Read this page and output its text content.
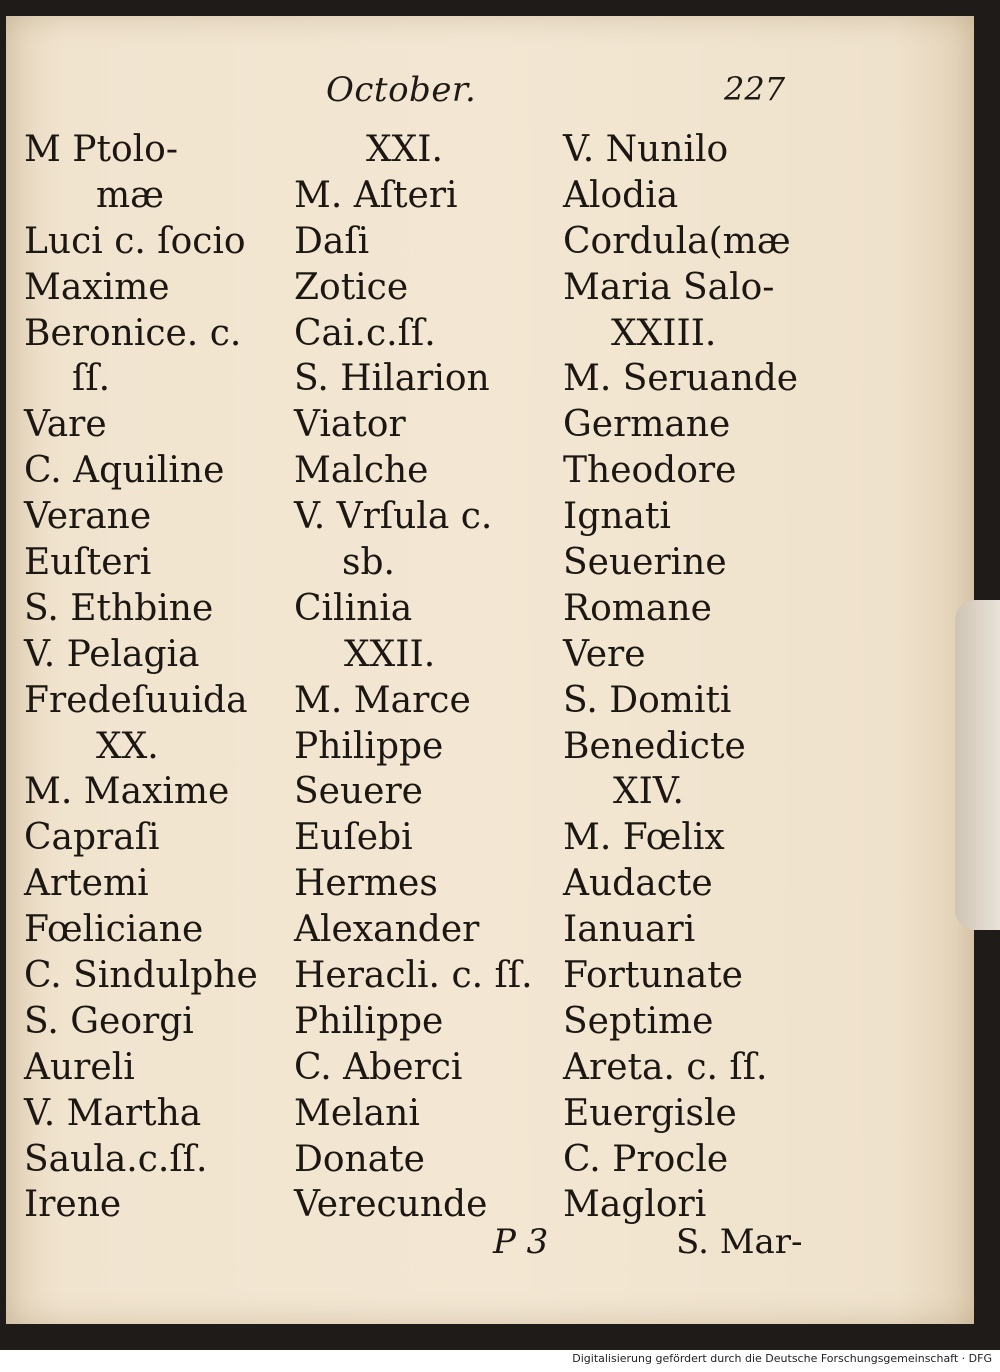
October.	227
M Ptolo-
mæ
Luci c. ſocio
Maxime
Beronice. c.
ſſ.
Vare
C. Aquiline
Verane
Euſteri
S. Ethbine
V. Pelagia
Fredeſuuida
XX.
M. Maxime
Capraſi
Artemi
Fœliciane
C. Sindulphe
S. Georgi
Aureli
V. Martha
Saula.c.ſſ.
Irene
XXI.
M. Aſteri
Daſi
Zotice
Cai.c.ſſ.
S. Hilarion
Viator
Malche
V. Vrſula c.
sb.
Cilinia
XXII.
M. Marce
Philippe
Seuere
Euſebi
Hermes
Alexander
Heracli. c. ſſ.
Philippe
C. Aberci
Melani
Donate
Verecunde
V. Nunilo
Alodia
Cordula(mæ
Maria Salo-
XXIII.
M. Seruande
Germane
Theodore
Ignati
Seuerine
Romane
Vere
S. Domiti
Benedicte
XIV.
M. Fœlix
Audacte
Ianuari
Fortunate
Septime
Areta. c. ſſ.
Euergisle
C. Procle
Maglori
P 3	S. Mar-
Digitalisierung gefördert durch die Deutsche Forschungsgemeinschaft · DFG
